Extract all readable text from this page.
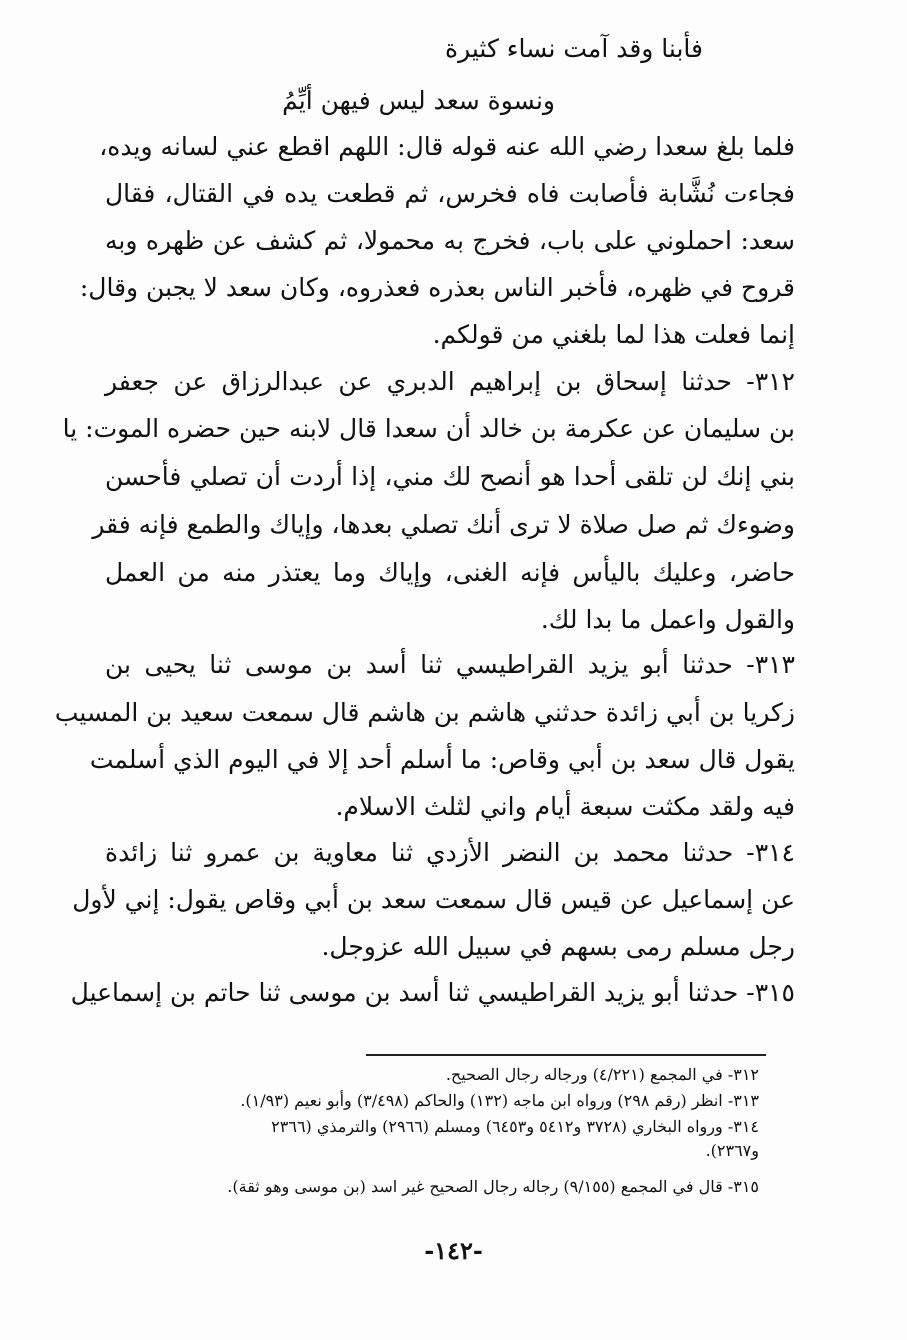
فأبنا وقد آمت نساء كثيرة
ونسوة سعد ليس فيهن أيِّمُ
فلما بلغ سعدا رضي الله عنه قوله قال: اللهم اقطع عني لسانه ويده،
فجاءت نُشَّابة فأصابت فاه فخرس، ثم قطعت يده في القتال، فقال
سعد: احملوني على باب، فخرج به محمولا، ثم كشف عن ظهره وبه
قروح في ظهره، فأخبر الناس بعذره فعذروه، وكان سعد لا يجبن وقال:
إنما فعلت هذا لما بلغني من قولكم.
٣١٢- حدثنا إسحاق بن إبراهيم الدبري عن عبدالرزاق عن جعفر
بن سليمان عن عكرمة بن خالد أن سعدا قال لابنه حين حضره الموت: يا
بني إنك لن تلقى أحدا هو أنصح لك مني، إذا أردت أن تصلي فأحسن
وضوءك ثم صل صلاة لا ترى أنك تصلي بعدها، وإياك والطمع فإنه فقر
حاضر، وعليك باليأس فإنه الغنى، وإياك وما يعتذر منه من العمل
والقول واعمل ما بدا لك.
٣١٣- حدثنا أبو يزيد القراطيسي ثنا أسد بن موسى ثنا يحيى بن
زكريا بن أبي زائدة حدثني هاشم بن هاشم قال سمعت سعيد بن المسيب
يقول قال سعد بن أبي وقاص: ما أسلم أحد إلا في اليوم الذي أسلمت
فيه ولقد مكثت سبعة أيام واني لثلث الاسلام.
٣١٤- حدثنا محمد بن النضر الأزدي ثنا معاوية بن عمرو ثنا زائدة
عن إسماعيل عن قيس قال سمعت سعد بن أبي وقاص يقول: إني لأول
رجل مسلم رمى بسهم في سبيل الله عزوجل.
٣١٥- حدثنا أبو يزيد القراطيسي ثنا أسد بن موسى ثنا حاتم بن إسماعيل
٣١٢- في المجمع (٤/٢٢١) ورجاله رجال الصحيح.
٣١٣- انظر (رقم ٢٩٨) ورواه ابن ماجه (١٣٢) والحاكم (٣/٤٩٨) وأبو نعيم (١/٩٣).
٣١٤- ورواه البخاري (٣٧٢٨ و٥٤١٢ و٦٤٥٣) ومسلم (٢٩٦٦) والترمذي (٢٣٦٦
و٢٣٦٧).
٣١٥- قال في المجمع (٩/١٥٥) رجاله رجال الصحيح غير اسد (بن موسى وهو ثقة).
-١٤٢-
